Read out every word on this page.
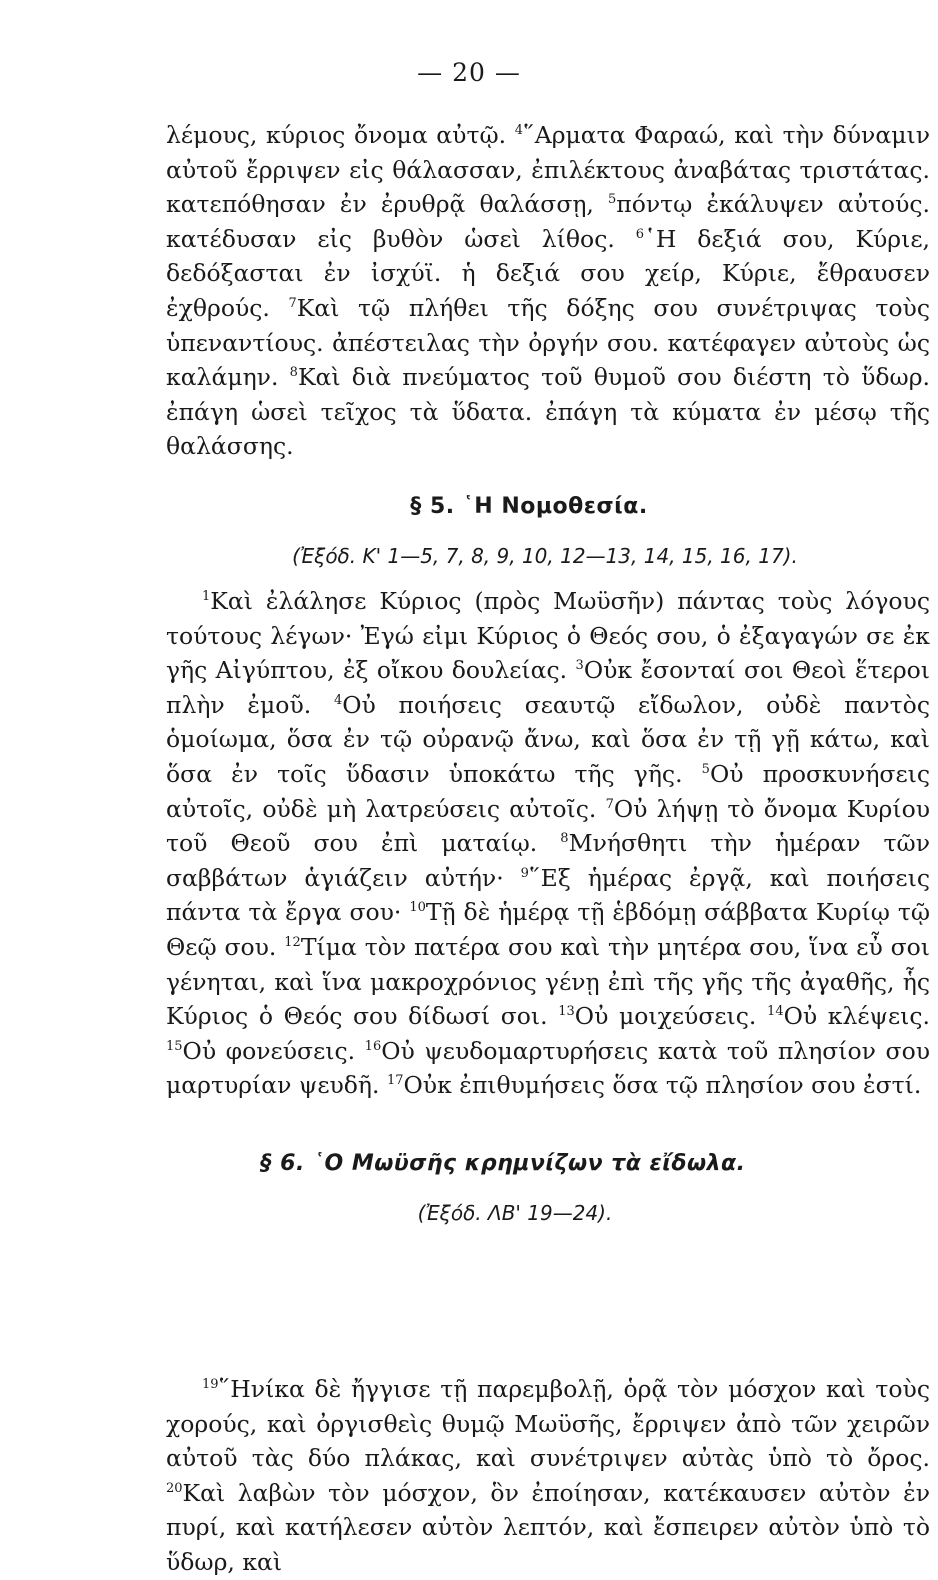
— 20 —

λέμους, κύριος ὄνομα αὐτῷ. $^4$῞Αρματα Φαραώ, καὶ τὴν δύναμιν αὐτοῦ ἔρριψεν εἰς θάλασσαν, ἐπιλέκτους ἀναβάτας τριστάτας. κατεπόθησαν ἐν ἐρυθρᾷ θαλάσσῃ, $^5$πόντῳ ἐκάλυψεν αὐτούς. κατέδυσαν εἰς βυθὸν ὡσεὶ λίθος. $^6$῾Η δεξιά σου, Κύριε, δεδόξασται ἐν ἰσχύϊ. ἡ δεξιά σου χείρ, Κύριε, ἔθραυσεν ἐχθρούς. $^7$Καὶ τῷ πλήθει τῆς δόξης σου συνέτριψας τοὺς ὑπεναντίους. ἀπέστειλας τὴν ὀργήν σου. κατέφαγεν αὐτοὺς ὡς καλάμην. $^8$Καὶ διὰ πνεύματος τοῦ θυμοῦ σου διέστη τὸ ὕδωρ. ἐπάγη ὡσεὶ τεῖχος τὰ ὕδατα. ἐπάγη τὰ κύματα ἐν μέσῳ τῆς θαλάσσης.

§ 5. ῾Η Νομοθεσία.
(Ἐξόδ. Κ' 1—5, 7, 8, 9, 10, 12—13, 14, 15, 16, 17).

$^1$Καὶ ἐλάλησε Κύριος (πρὸς Μωϋσῆν) πάντας τοὺς λόγους τούτους λέγων· Ἐγώ εἰμι Κύριος ὁ Θεός σου, ὁ ἐξαγαγών σε ἐκ γῆς Αἰγύπτου, ἐξ οἴκου δουλείας. $^3$Οὐκ ἔσονταί σοι Θεοὶ ἕτεροι πλὴν ἐμοῦ. $^4$Οὐ ποιήσεις σεαυτῷ εἴδωλον, οὐδὲ παντὸς ὁμοίωμα, ὅσα ἐν τῷ οὐρανῷ ἄνω, καὶ ὅσα ἐν τῇ γῇ κάτω, καὶ ὅσα ἐν τοῖς ὕδασιν ὑποκάτω τῆς γῆς. $^5$Οὐ προσκυνήσεις αὐτοῖς, οὐδὲ μὴ λατρεύσεις αὐτοῖς. $^7$Οὐ λήψῃ τὸ ὄνομα Κυρίου τοῦ Θεοῦ σου ἐπὶ ματαίῳ. $^8$Μνήσθητι τὴν ἡμέραν τῶν σαββάτων ἁγιάζειν αὐτήν· $^9$῞Εξ ἡμέρας ἐργᾷ, καὶ ποιήσεις πάντα τὰ ἔργα σου· $^{10}$Τῇ δὲ ἡμέρᾳ τῇ ἑβδόμῃ σάββατα Κυρίῳ τῷ Θεῷ σου. $^{12}$Τίμα τὸν πατέρα σου καὶ τὴν μητέρα σου, ἵνα εὖ σοι γένηται, καὶ ἵνα μακροχρόνιος γένῃ ἐπὶ τῆς γῆς τῆς ἀγαθῆς, ἧς Κύριος ὁ Θεός σου δίδωσί σοι. $^{13}$Οὐ μοιχεύσεις. $^{14}$Οὐ κλέψεις. $^{15}$Οὐ φονεύσεις. $^{16}$Οὐ ψευδομαρτυρήσεις κατὰ τοῦ πλησίον σου μαρτυρίαν ψευδῆ. $^{17}$Οὐκ ἐπιθυμήσεις ὅσα τῷ πλησίον σου ἐστί.

§ 6. ῾Ο Μωϋσῆς κρημνίζων τὰ εἴδωλα.
(Ἐξόδ. ΛΒ' 19—24).

$^{19}$῞Ηνίκα δὲ ἤγγισε τῇ παρεμβολῇ, ὁρᾷ τὸν μόσχον καὶ τοὺς χορούς, καὶ ὀργισθεὶς θυμῷ Μωϋσῆς, ἔρριψεν ἀπὸ τῶν χειρῶν αὐτοῦ τὰς δύο πλάκας, καὶ συνέτριψεν αὐτὰς ὑπὸ τὸ ὄρος. $^{20}$Καὶ λαβὼν τὸν μόσχον, ὃν ἐποίησαν, κατέκαυσεν αὐτὸν ἐν πυρί, καὶ κατήλεσεν αὐτὸν λεπτόν, καὶ ἔσπειρεν αὐτὸν ὑπὸ τὸ ὕδωρ, καὶ
